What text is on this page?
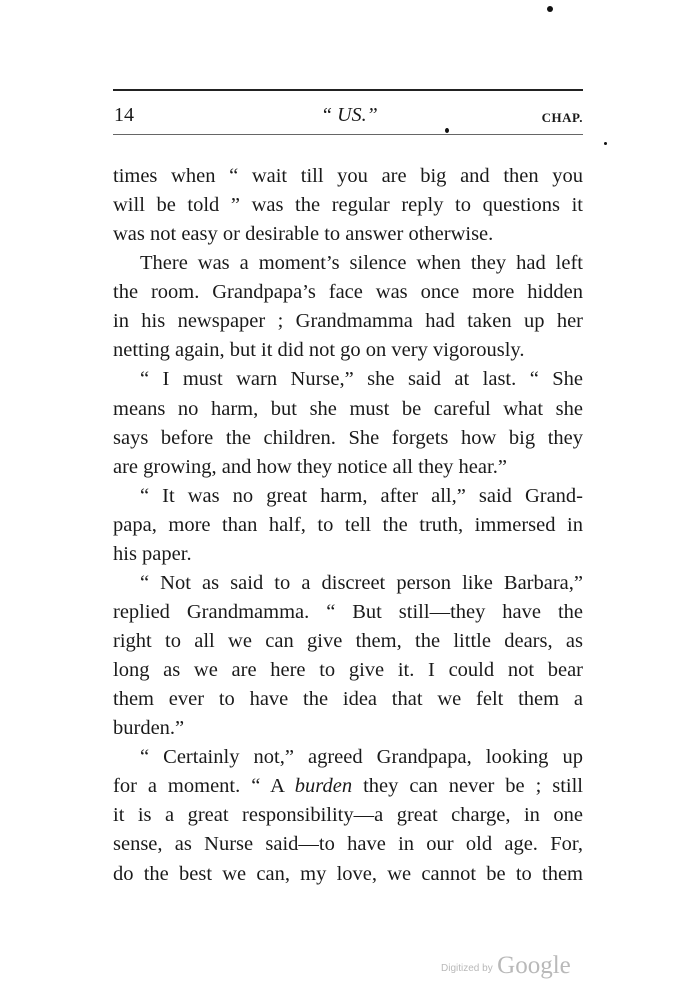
14	“ US.”	CHAP.
times when “ wait till you are big and then you
will be told ” was the regular reply to questions it
was not easy or desirable to answer otherwise.
There was a moment’s silence when they had left
the room. Grandpapa’s face was once more hidden
in his newspaper ; Grandmamma had taken up her
netting again, but it did not go on very vigorously.
“ I must warn Nurse,” she said at last. “ She
means no harm, but she must be careful what she
says before the children. She forgets how big they
are growing, and how they notice all they hear.”
“ It was no great harm, after all,” said Grand-
papa, more than half, to tell the truth, immersed in
his paper.
“ Not as said to a discreet person like Barbara,”
replied Grandmamma. “ But still—they have the
right to all we can give them, the little dears, as
long as we are here to give it. I could not bear
them ever to have the idea that we felt them a
burden.”
“ Certainly not,” agreed Grandpapa, looking up
for a moment. “ A burden they can never be ; still
it is a great responsibility—a great charge, in one
sense, as Nurse said—to have in our old age. For,
do the best we can, my love, we cannot be to them
Digitized by Google
